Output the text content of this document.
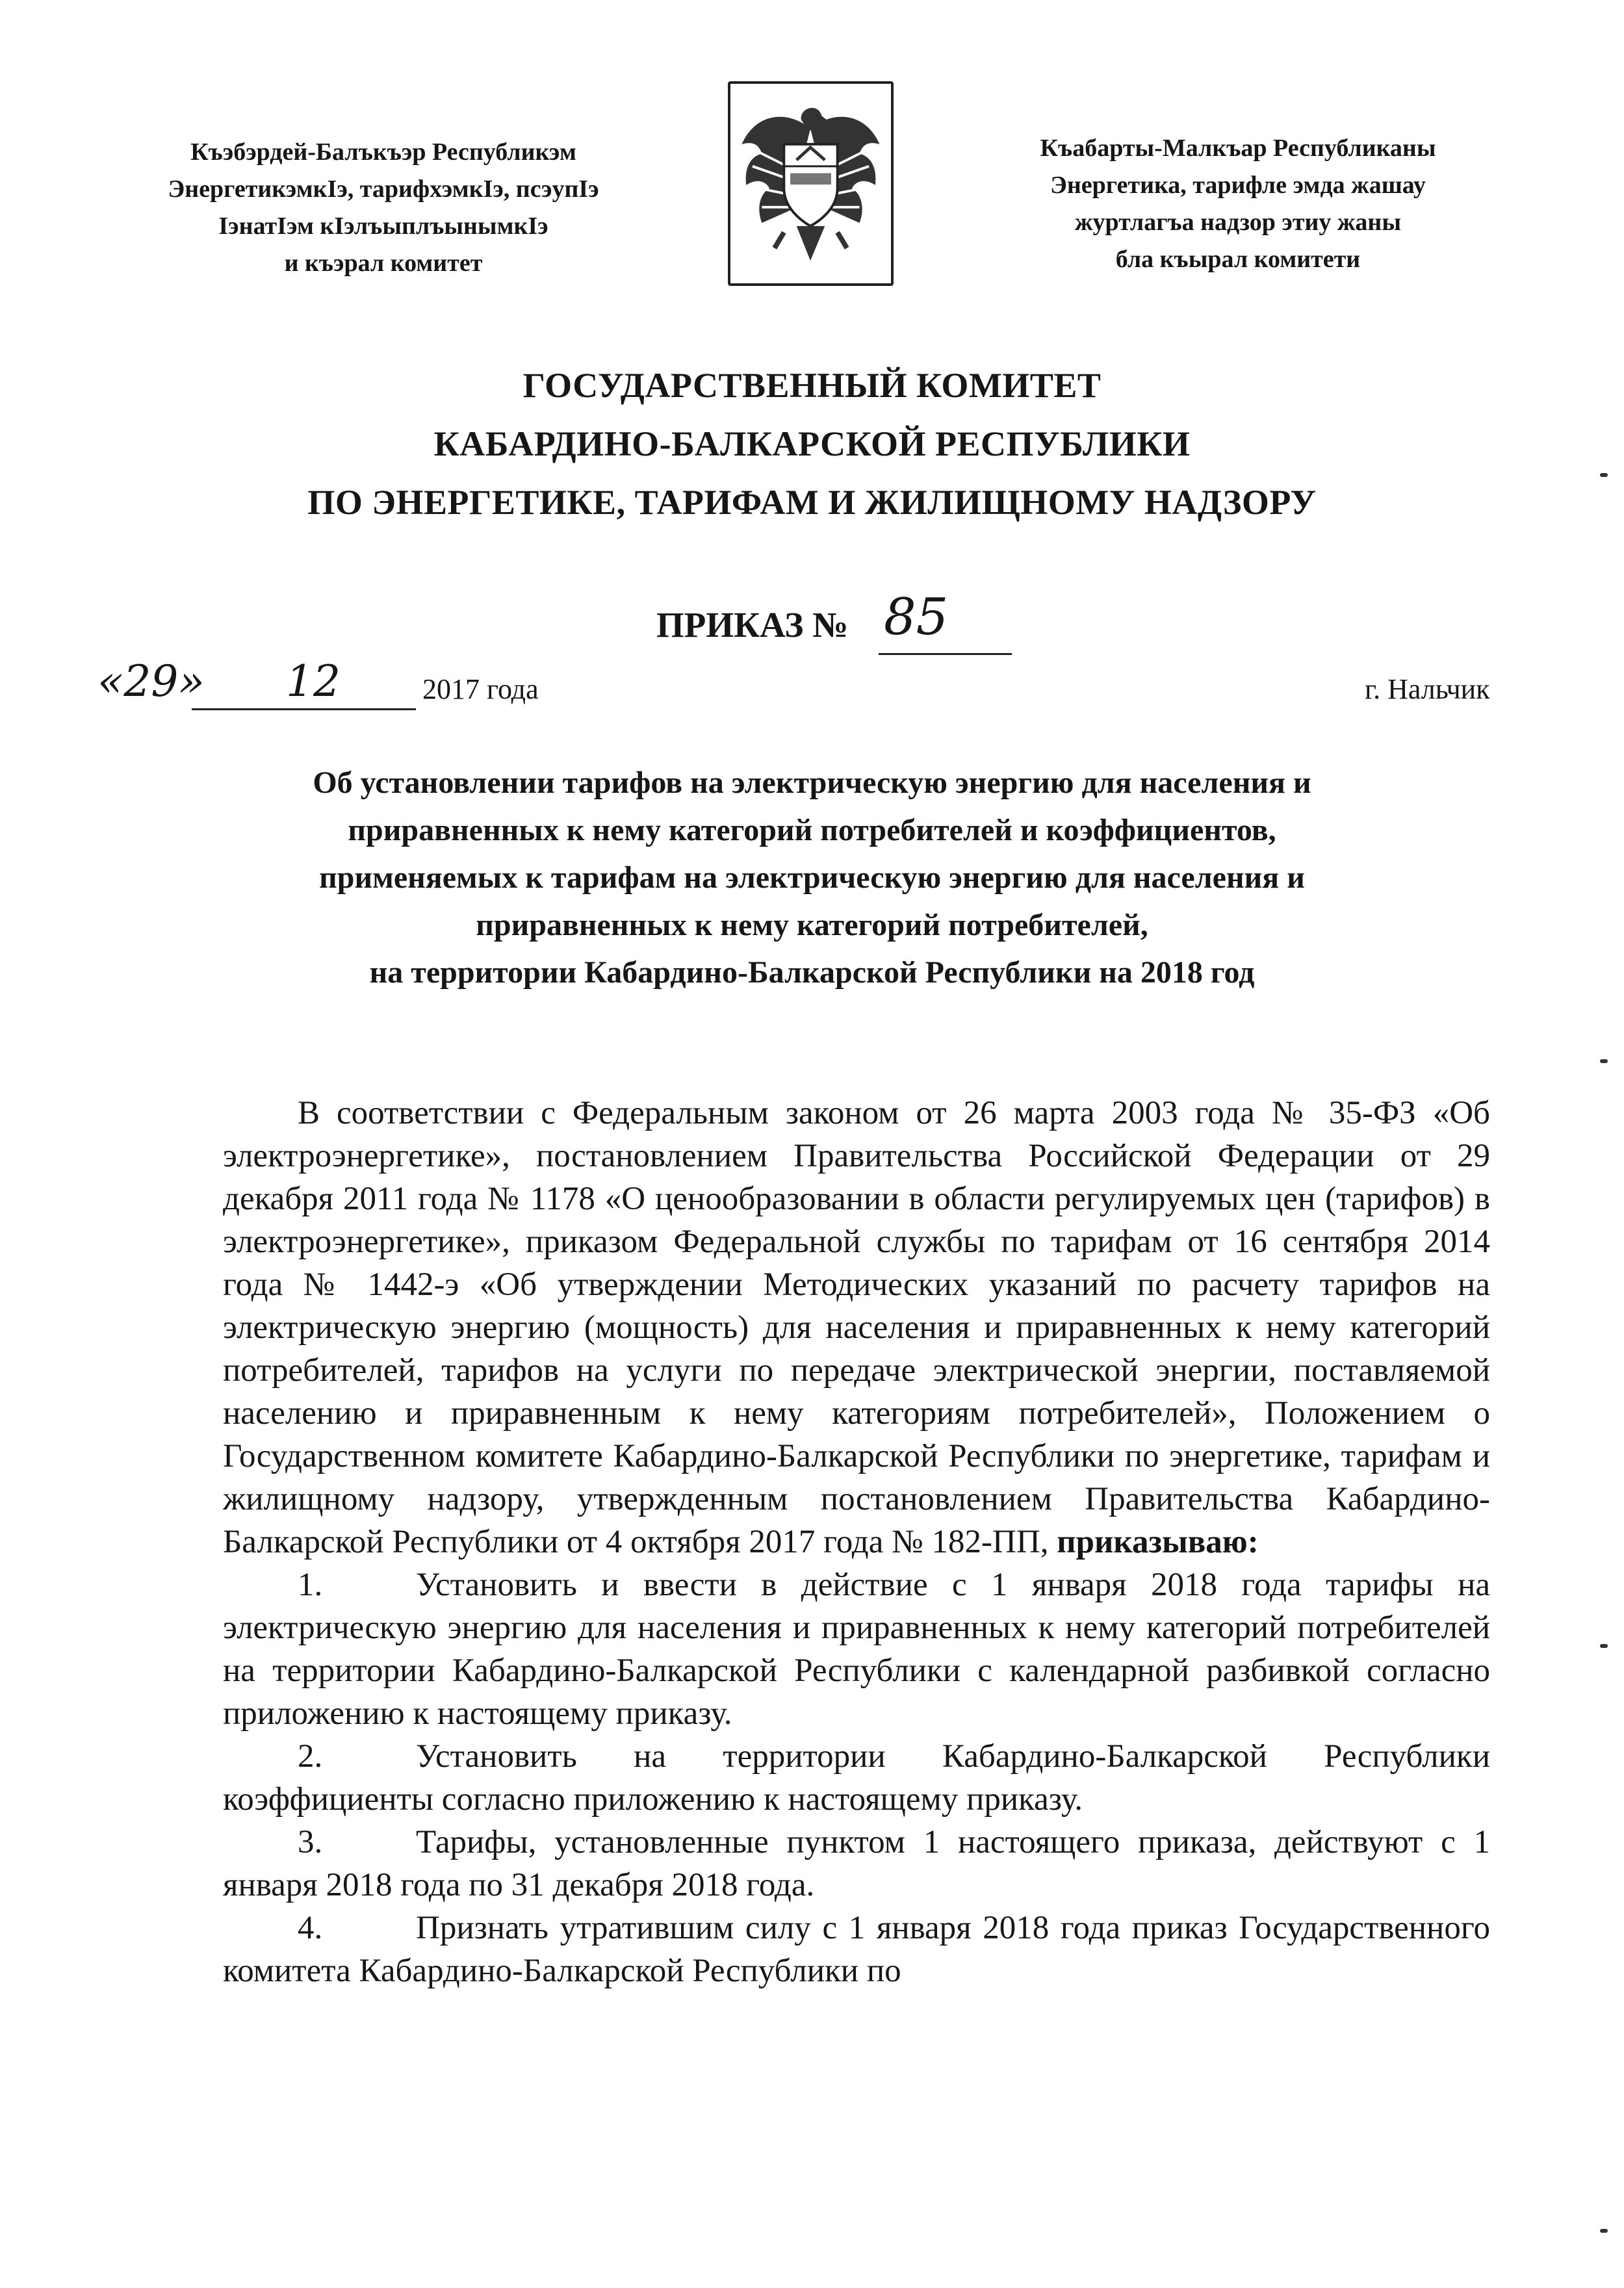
Къэбэрдей-Балъкъэр Республикэм
ЭнергетикэмкIэ, тарифхэмкIэ, псэупIэ
IэнатIэм кIэлъыплъынымкIэ
и къэрал комитет
Къабарты-Малкъар Республиканы
Энергетика, тарифле эмда жашау
журтлагъа надзор этиу жаны
бла къырал комитети
ГОСУДАРСТВЕННЫЙ КОМИТЕТ
КАБАРДИНО-БАЛКАРСКОЙ РЕСПУБЛИКИ
ПО ЭНЕРГЕТИКЕ, ТАРИФАМ И ЖИЛИЩНОМУ НАДЗОРУ
ПРИКАЗ № 85
«29» 12	2017 года	г. Нальчик
Об установлении тарифов на электрическую энергию для населения и
приравненных к нему категорий потребителей и коэффициентов,
применяемых к тарифам на электрическую энергию для населения и
приравненных к нему категорий потребителей,
на территории Кабардино-Балкарской Республики на 2018 год

В соответствии с Федеральным законом от 26 марта 2003 года № 35-ФЗ «Об электроэнергетике», постановлением Правительства Российской Федерации от 29 декабря 2011 года № 1178 «О ценообразовании в области регулируемых цен (тарифов) в электроэнергетике», приказом Федеральной службы по тарифам от 16 сентября 2014 года № 1442-э «Об утверждении Методических указаний по расчету тарифов на электрическую энергию (мощность) для населения и приравненных к нему категорий потребителей, тарифов на услуги по передаче электрической энергии, поставляемой населению и приравненным к нему категориям потребителей», Положением о Государственном комитете Кабардино-Балкарской Республики по энергетике, тарифам и жилищному надзору, утвержденным постановлением Правительства Кабардино-Балкарской Республики от 4 октября 2017 года № 182-ПП, приказываю:

1.	Установить и ввести в действие с 1 января 2018 года тарифы на электрическую энергию для населения и приравненных к нему категорий потребителей на территории Кабардино-Балкарской Республики с календарной разбивкой согласно приложению к настоящему приказу.

2.	Установить на территории Кабардино-Балкарской Республики коэффициенты согласно приложению к настоящему приказу.

3.	Тарифы, установленные пунктом 1 настоящего приказа, действуют с 1 января 2018 года по 31 декабря 2018 года.

4.	Признать утратившим силу с 1 января 2018 года приказ Государственного комитета Кабардино-Балкарской Республики по
